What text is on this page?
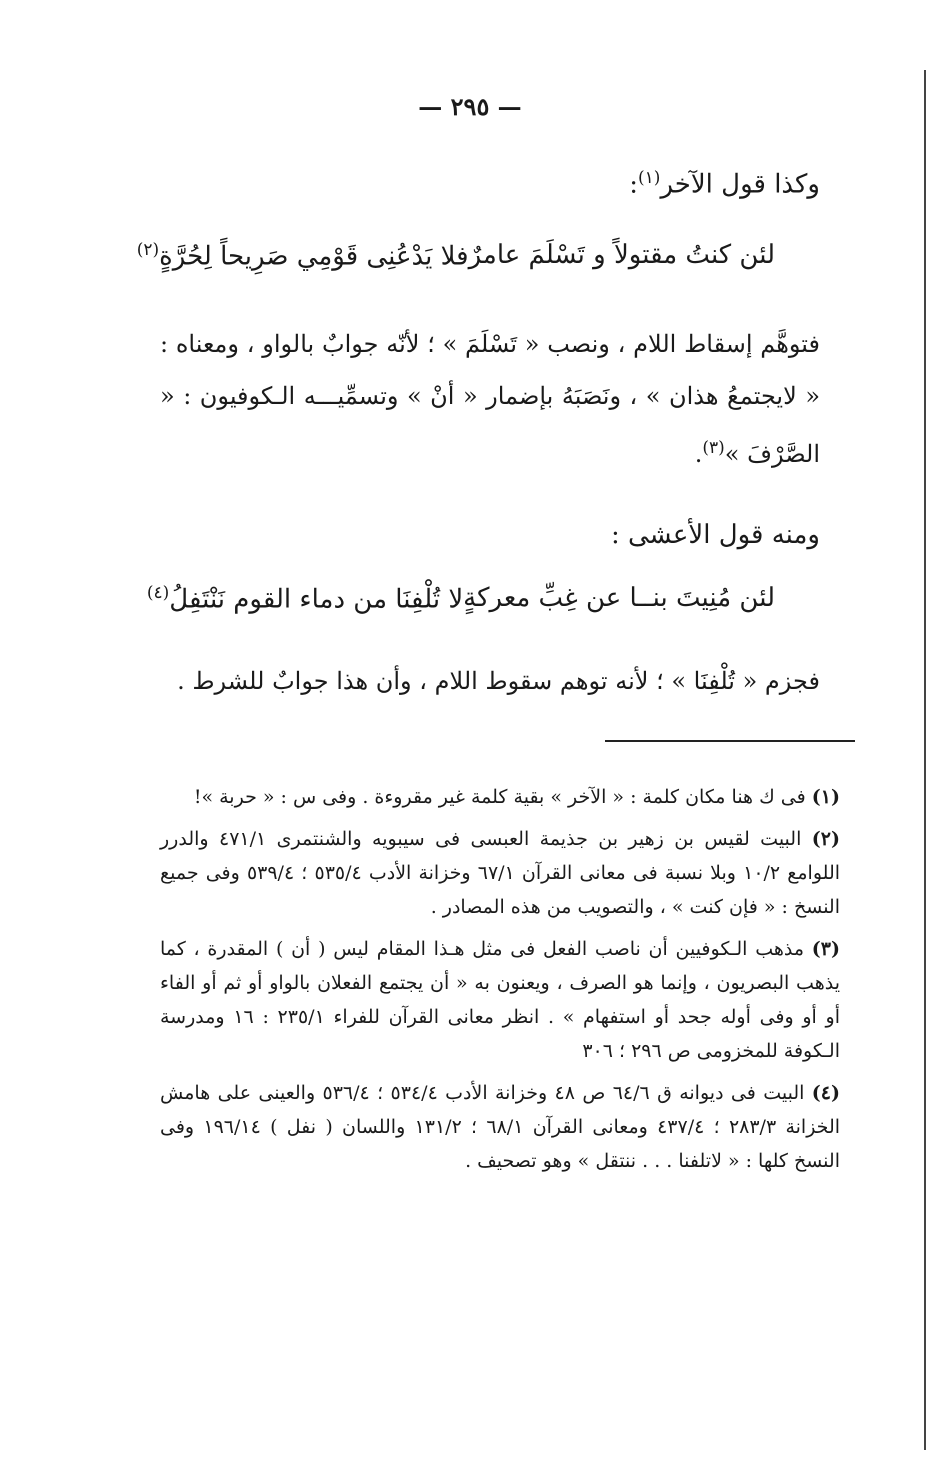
— ٢٩٥ —
وكذا قول الآخر$^{(١)}$:
لئن كنتُ مقتولاً و تَسْلَمَ عامرٌ
فلا يَدْعُنِى قَوْمِي صَرِيحاً لِحُرَّةٍ$^{(٢)}$
فتوهَّم إسقاط اللام ، ونصب « تَسْلَمَ » ؛ لأنّه جوابٌ بالواو ، ومعناه : « لايجتمعُ هذان » ، ونَصَبَهُ بإضمار « أنْ » وتسمِّيـــه الـكوفيون : « الصَّرْفَ »$^{(٣)}$.
ومنه قول الأعشى :
لئن مُنِيتَ بنــا عن غِبِّ معركةٍ
لا تُلْفِنَا من دماء القوم نَنْتَفِلُ$^{(٤)}$
فجزم « تُلْفِنَا » ؛ لأنه توهم سقوط اللام ، وأن هذا جوابٌ للشرط .

(١) فى ك هنا مكان كلمة : « الآخر » بقية كلمة غير مقروءة . وفى س : « حربة »!

(٢) البيت لقيس بن زهير بن جذيمة العبسى فى سيبويه والشنتمرى ٤٧١/١ والدرر اللوامع ١٠/٢ وبلا نسبة فى معانى القرآن ٦٧/١ وخزانة الأدب ٥٣٥/٤ ؛ ٥٣٩/٤ وفى جميع النسخ : « فإن كنت » ، والتصويب من هذه المصادر .

(٣) مذهب الـكوفيين أن ناصب الفعل فى مثل هـذا المقام ليس ( أن ) المقدرة ، كما يذهب البصريون ، وإنما هو الصرف ، ويعنون به « أن يجتمع الفعلان بالواو أو ثم أو الفاء أو أو وفى أوله جحد أو استفهام » . انظر معانى القرآن للفراء ٢٣٥/١ : ١٦ ومدرسة الـكوفة للمخزومى ص ٢٩٦ ؛ ٣٠٦

(٤) البيت فى ديوانه ق ٦٤/٦ ص ٤٨ وخزانة الأدب ٥٣٤/٤ ؛ ٥٣٦/٤ والعينى على هامش الخزانة ٢٨٣/٣ ؛ ٤٣٧/٤ ومعانى القرآن ٦٨/١ ؛ ١٣١/٢ واللسان ( نفل ) ١٩٦/١٤ وفى النسخ كلها : « لاتلفنا . . . ننتقل » وهو تصحيف .
